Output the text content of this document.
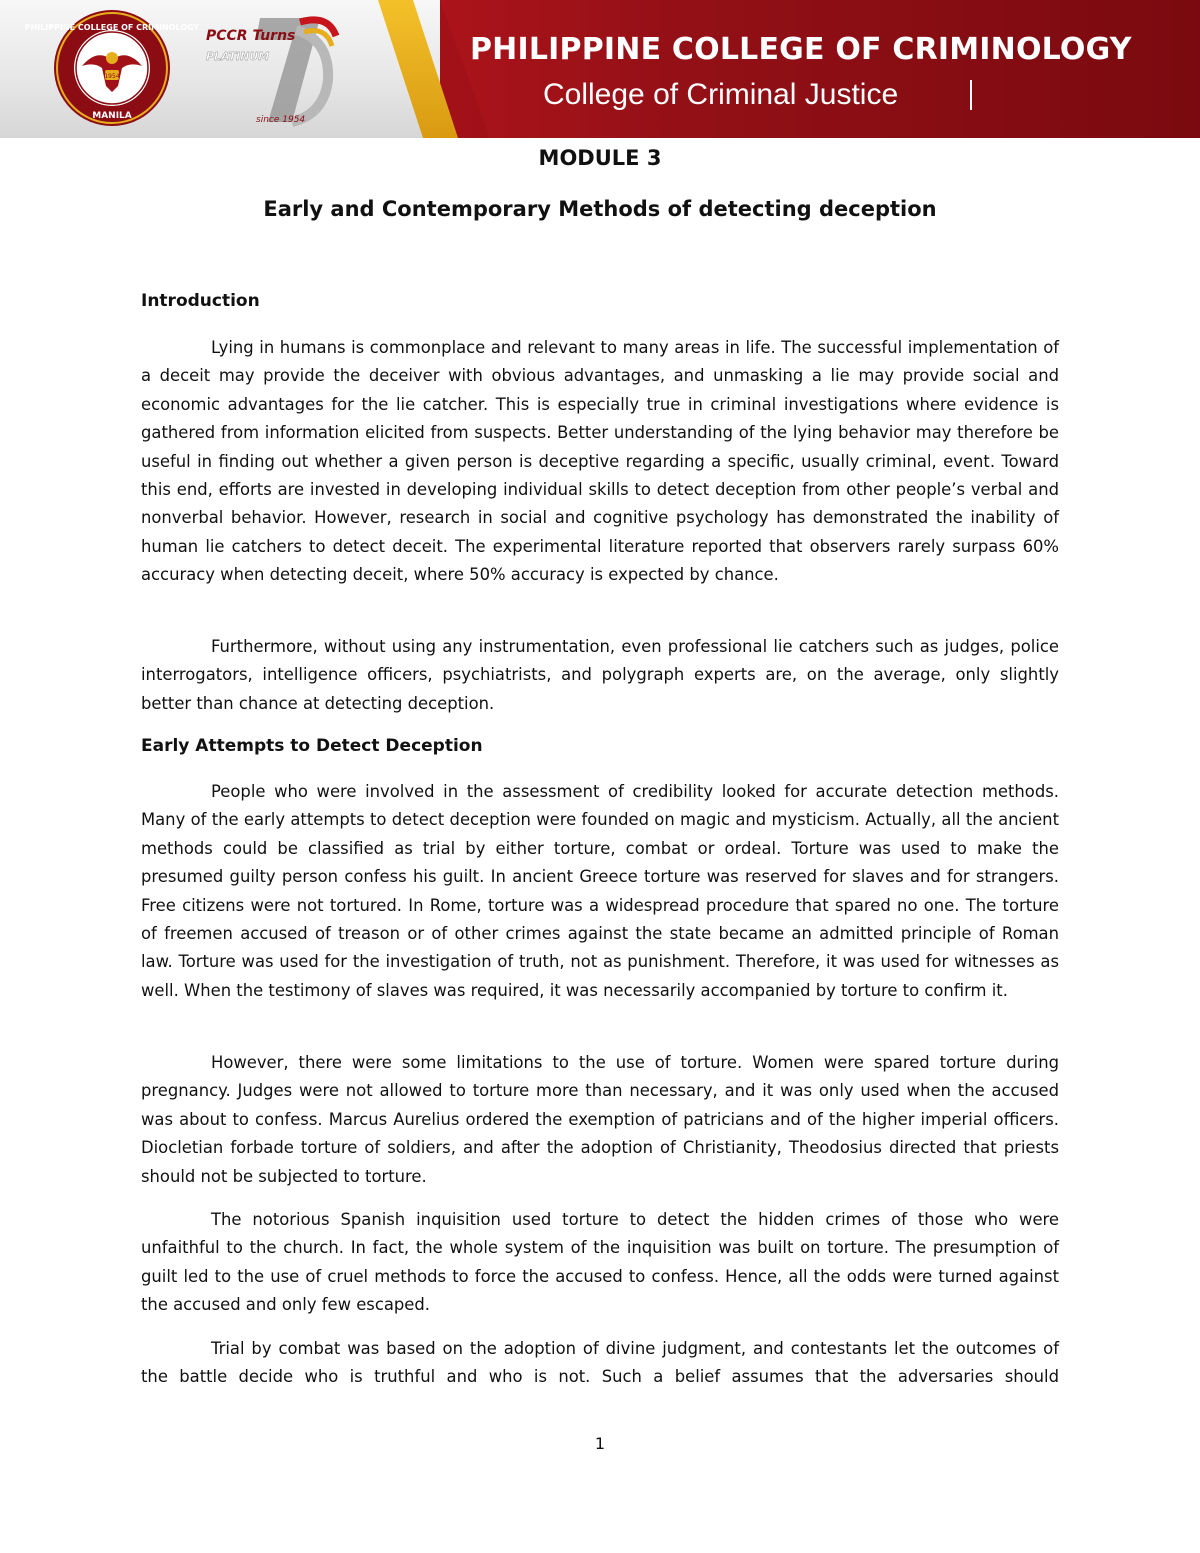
PHILIPPINE COLLEGE OF CRIMINOLOGY
MANILA
1954
PCCR Turns
PLATINUM
since 1954
70
PHILIPPINE COLLEGE OF CRIMINOLOGY
College of Criminal Justice
MODULE 3
Early and Contemporary Methods of detecting deception
Introduction

Lying in humans is commonplace and relevant to many areas in life. The successful implementation of a deceit may provide the deceiver with obvious advantages, and unmasking a lie may provide social and economic advantages for the lie catcher. This is especially true in criminal investigations where evidence is gathered from information elicited from suspects. Better understanding of the lying behavior may therefore be useful in finding out whether a given person is deceptive regarding a specific, usually criminal, event. Toward this end, efforts are invested in developing individual skills to detect deception from other people’s verbal and nonverbal behavior. However, research in social and cognitive psychology has demonstrated the inability of human lie catchers to detect deceit. The experimental literature reported that observers rarely surpass 60% accuracy when detecting deceit, where 50% accuracy is expected by chance.

Furthermore, without using any instrumentation, even professional lie catchers such as judges, police interrogators, intelligence officers, psychiatrists, and polygraph experts are, on the average, only slightly better than chance at detecting deception.

Early Attempts to Detect Deception

People who were involved in the assessment of credibility looked for accurate detection methods. Many of the early attempts to detect deception were founded on magic and mysticism. Actually, all the ancient methods could be classified as trial by either torture, combat or ordeal. Torture was used to make the presumed guilty person confess his guilt. In ancient Greece torture was reserved for slaves and for strangers. Free citizens were not tortured. In Rome, torture was a widespread procedure that spared no one. The torture of freemen accused of treason or of other crimes against the state became an admitted principle of Roman law. Torture was used for the investigation of truth, not as punishment. Therefore, it was used for witnesses as well. When the testimony of slaves was required, it was necessarily accompanied by torture to confirm it.

However, there were some limitations to the use of torture. Women were spared torture during pregnancy. Judges were not allowed to torture more than necessary, and it was only used when the accused was about to confess. Marcus Aurelius ordered the exemption of patricians and of the higher imperial officers. Diocletian forbade torture of soldiers, and after the adoption of Christianity, Theodosius directed that priests should not be subjected to torture.

The notorious Spanish inquisition used torture to detect the hidden crimes of those who were unfaithful to the church. In fact, the whole system of the inquisition was built on torture. The presumption of guilt led to the use of cruel methods to force the accused to confess. Hence, all the odds were turned against the accused and only few escaped.

Trial by combat was based on the adoption of divine judgment, and contestants let the outcomes of the battle decide who is truthful and who is not. Such a belief assumes that the adversaries should

1
